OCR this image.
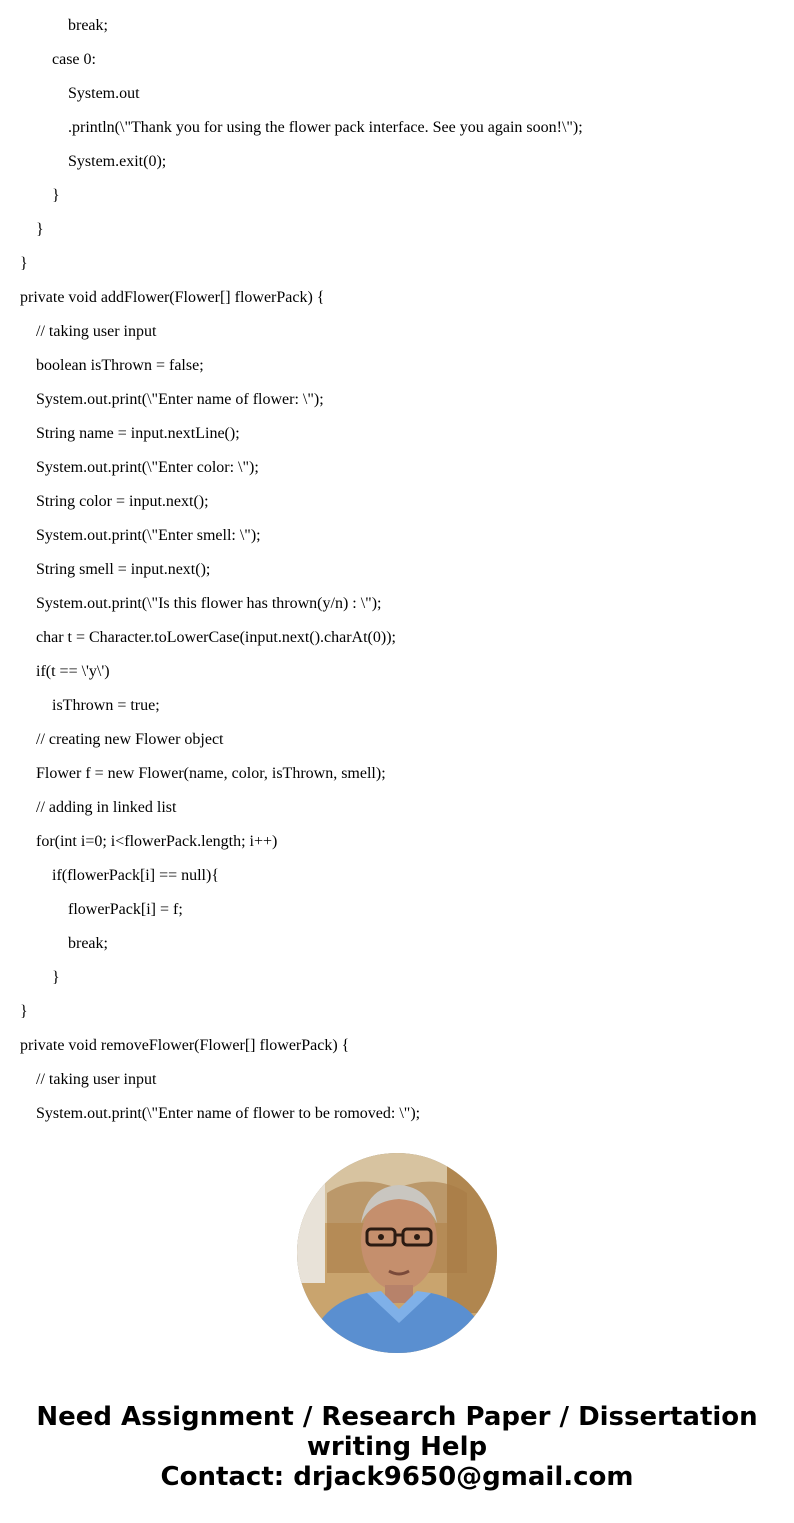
break;
case 0:
System.out
.println(\"Thank you for using the flower pack interface. See you again soon!\");
System.exit(0);
}
}
}
private void addFlower(Flower[] flowerPack) {
// taking user input
boolean isThrown = false;
System.out.print(\"Enter name of flower: \");
String name = input.nextLine();
System.out.print(\"Enter color: \");
String color = input.next();
System.out.print(\"Enter smell: \");
String smell = input.next();
System.out.print(\"Is this flower has thrown(y/n) : \");
char t = Character.toLowerCase(input.next().charAt(0));
if(t == \'y\')
isThrown = true;
// creating new Flower object
Flower f = new Flower(name, color, isThrown, smell);
// adding in linked list
for(int i=0; i<flowerPack.length; i++)
if(flowerPack[i] == null){
flowerPack[i] = f;
break;
}
}
private void removeFlower(Flower[] flowerPack) {
// taking user input
System.out.print(\"Enter name of flower to be romoved: \");
Need Assignment / Research Paper / Dissertation
writing Help
Contact: drjack9650@gmail.com
